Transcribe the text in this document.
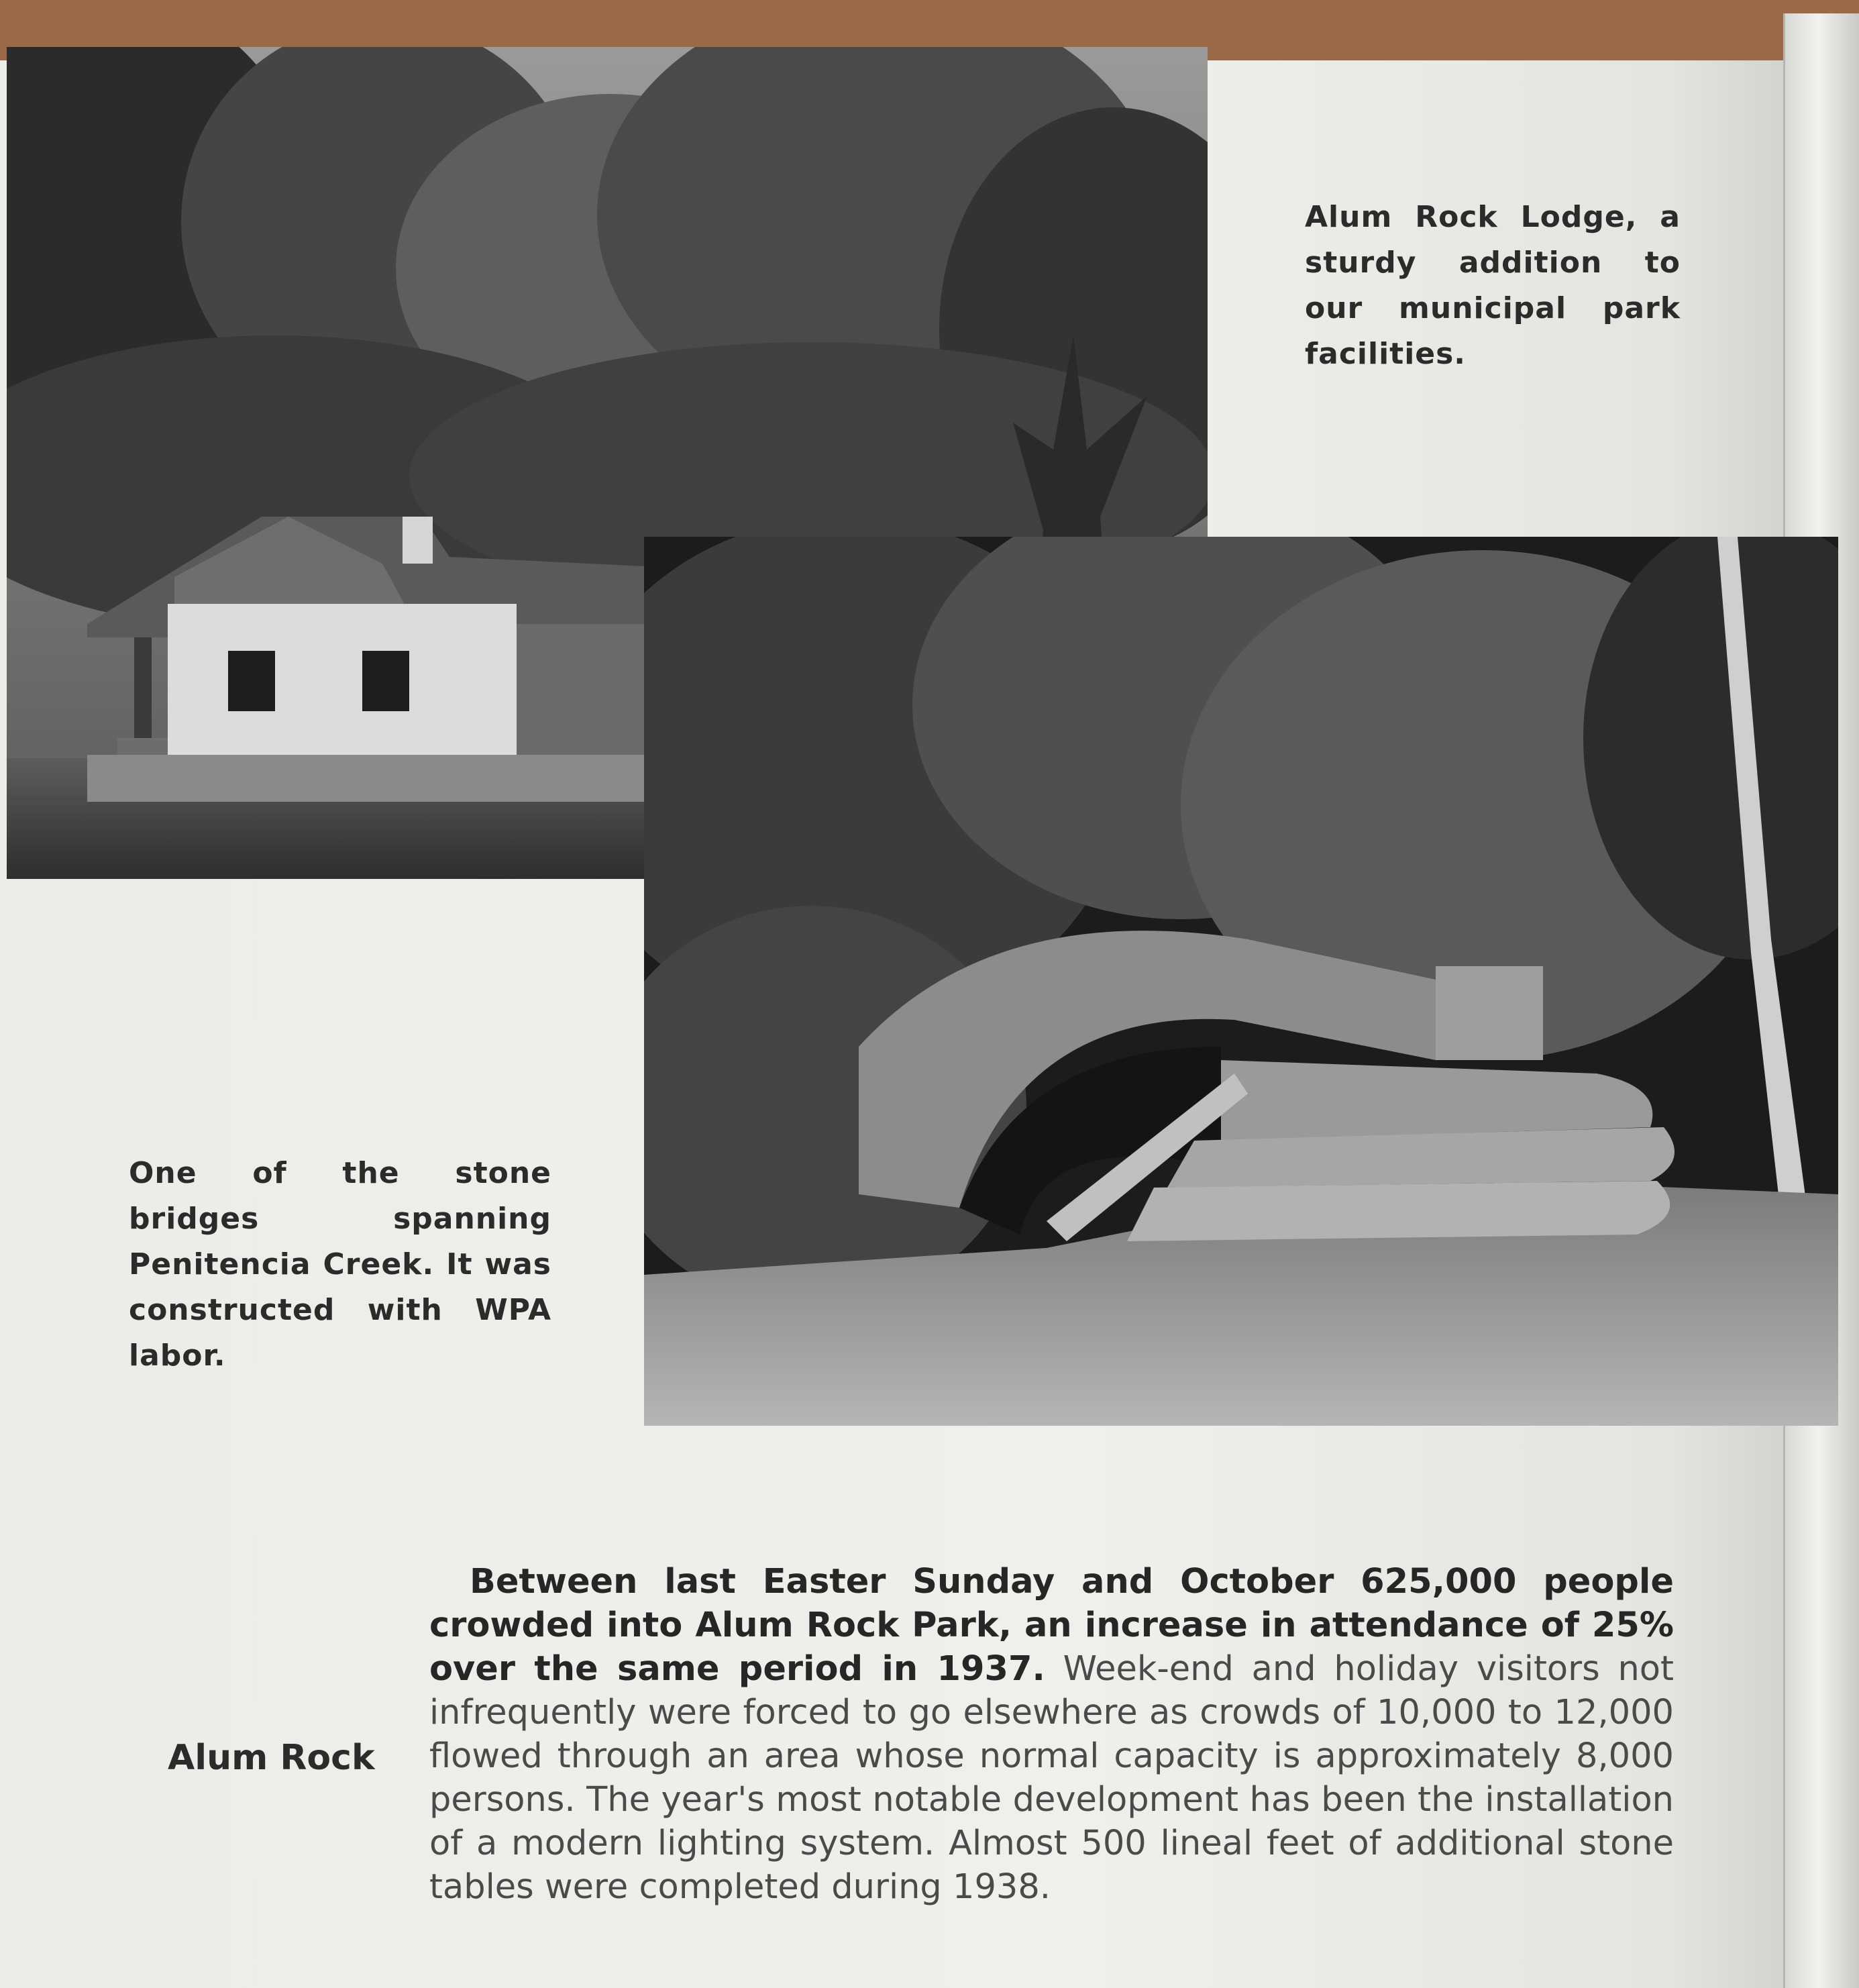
Alum Rock Lodge, a sturdy addition to our municipal park facilities.
One of the stone bridges spanning Penitencia Creek. It was constructed with WPA labor.
Alum Rock
Between last Easter Sunday and October 625,000 people crowded into Alum Rock Park, an increase in attendance of 25% over the same period in 1937. Week-end and holiday visitors not infrequently were forced to go elsewhere as crowds of 10,000 to 12,000 flowed through an area whose normal capacity is approximately 8,000 persons. The year's most notable development has been the installation of a modern lighting system. Almost 500 lineal feet of additional stone tables were completed during 1938.
